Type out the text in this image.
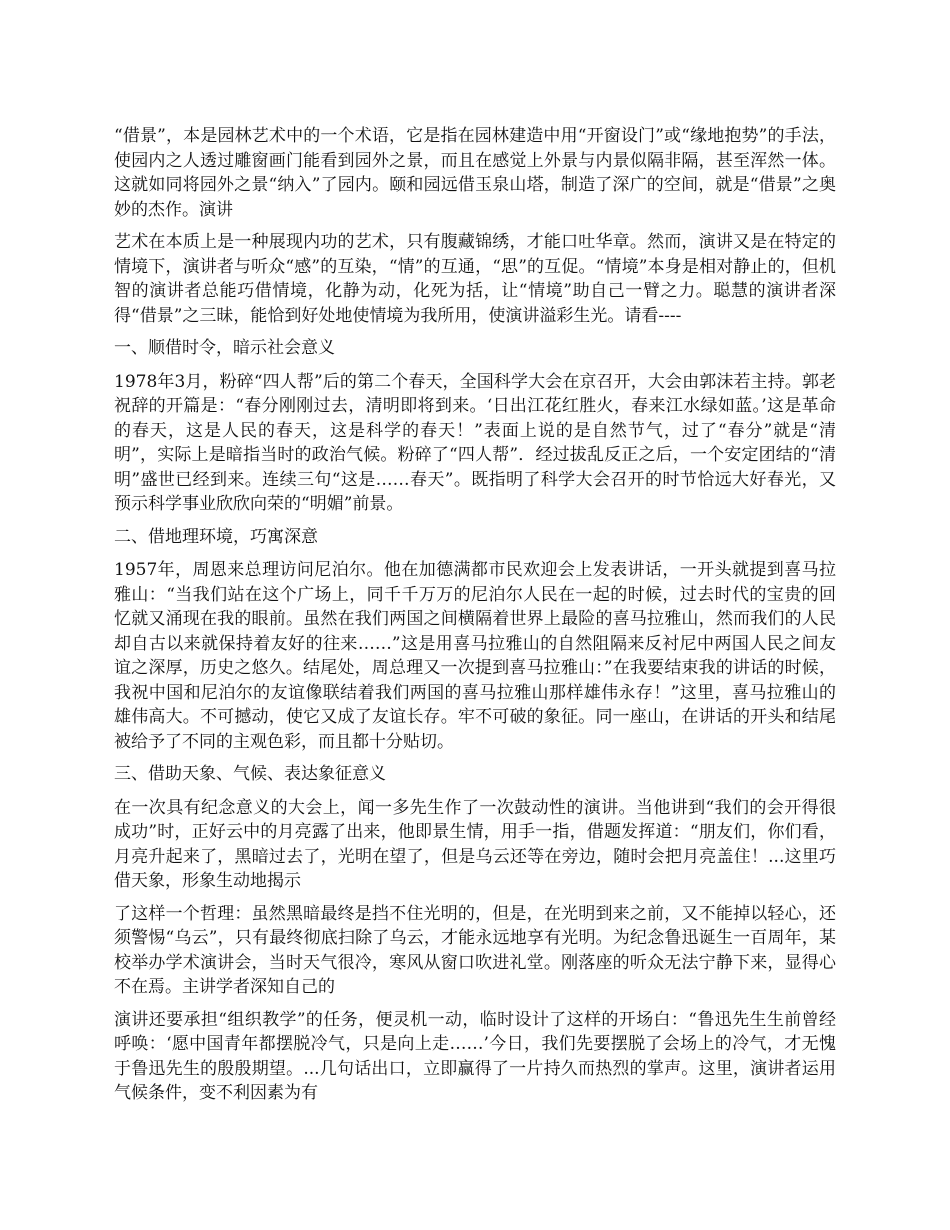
“借景”，本是园林艺术中的一个术语，它是指在园林建造中用“开窗设门”或“缘地抱势”的手法，使园内之人透过雕窗画门能看到园外之景，而且在感觉上外景与内景似隔非隔，甚至浑然一体。这就如同将园外之景“纳入”了园内。颐和园远借玉泉山塔，制造了深广的空间，就是“借景”之奥妙的杰作。演讲

艺术在本质上是一种展现内功的艺术，只有腹藏锦绣，才能口吐华章。然而，演讲又是在特定的情境下，演讲者与听众“感”的互染，“情”的互通，“思”的互促。“情境”本身是相对静止的，但机智的演讲者总能巧借情境，化静为动，化死为括，让“情境”助自己一臂之力。聪慧的演讲者深得“借景”之三昧，能恰到好处地使情境为我所用，使演讲溢彩生光。请看----

一、顺借时令，暗示社会意义

1978年3月，粉碎“四人帮”后的第二个春天，全国科学大会在京召开，大会由郭沫若主持。郭老祝辞的开篇是：“春分刚刚过去，清明即将到来。‘日出江花红胜火，春来江水绿如蓝。’这是革命的春天，这是人民的春天，这是科学的春天！”表面上说的是自然节气，过了“春分”就是“清明”，实际上是暗指当时的政治气候。粉碎了“四人帮”．经过拔乱反正之后，一个安定团结的“清明”盛世已经到来。连续三句“这是……春天”。既指明了科学大会召开的时节恰远大好春光，又预示科学事业欣欣向荣的“明媚”前景。

二、借地理环境，巧寓深意

1957年，周恩来总理访问尼泊尔。他在加德满都市民欢迎会上发表讲话，一开头就提到喜马拉雅山：“当我们站在这个广场上，同千千万万的尼泊尔人民在一起的时候，过去时代的宝贵的回忆就又涌现在我的眼前。虽然在我们两国之间横隔着世界上最险的喜马拉雅山，然而我们的人民却自古以来就保持着友好的往来……”这是用喜马拉雅山的自然阻隔来反衬尼中两国人民之间友谊之深厚，历史之悠久。结尾处，周总理又一次提到喜马拉雅山：”在我要结束我的讲话的时候，我祝中国和尼泊尔的友谊像联结着我们两国的喜马拉雅山那样雄伟永存！”这里，喜马拉雅山的雄伟高大。不可撼动，使它又成了友谊长存。牢不可破的象征。同一座山，在讲话的开头和结尾被给予了不同的主观色彩，而且都十分贴切。

三、借助天象、气候、表达象征意义

在一次具有纪念意义的大会上，闻一多先生作了一次鼓动性的演讲。当他讲到“我们的会开得很成功”时，正好云中的月亮露了出来，他即景生情，用手一指，借题发挥道：“朋友们，你们看，月亮升起来了，黑暗过去了，光明在望了，但是乌云还等在旁边，随时会把月亮盖住！...这里巧借天象，形象生动地揭示

了这样一个哲理：虽然黑暗最终是挡不住光明的，但是，在光明到来之前，又不能掉以轻心，还须警惕“乌云”，只有最终彻底扫除了乌云，才能永远地享有光明。为纪念鲁迅诞生一百周年，某校举办学术演讲会，当时天气很冷，寒风从窗口吹进礼堂。刚落座的听众无法宁静下来，显得心不在焉。主讲学者深知自己的

演讲还要承担“组织教学”的任务，便灵机一动，临时设计了这样的开场白：“鲁迅先生生前曾经呼唤：‘愿中国青年都摆脱冷气，只是向上走……’今日，我们先要摆脱了会场上的冷气，才无愧于鲁迅先生的殷殷期望。...几句话出口，立即赢得了一片持久而热烈的掌声。这里，演讲者运用气候条件，变不利因素为有
